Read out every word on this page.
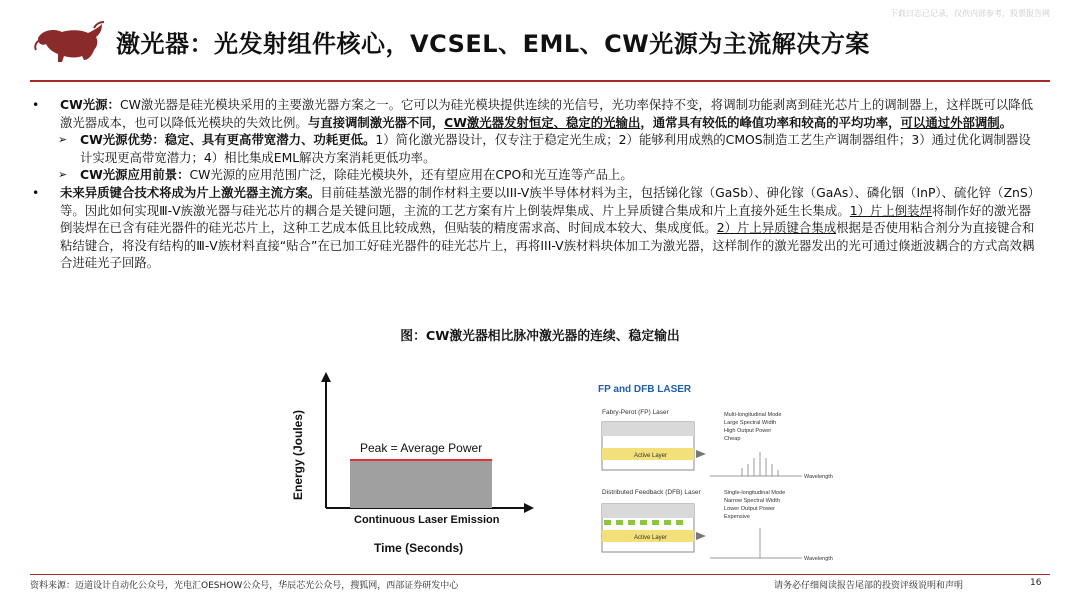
激光器：光发射组件核心，VCSEL、EML、CW光源为主流解决方案
下载日志已记录，仅供内部参考，股票报告网
•	CW光源：CW激光器是硅光模块采用的主要激光器方案之一。它可以为硅光模块提供连续的光信号，光功率保持不变，将调制功能剥离到硅光芯片上的调制器上，这样既可以降低激光器成本，也可以降低光模块的失效比例。与直接调制激光器不同，CW激光器发射恒定、稳定的光输出，通常具有较低的峰值功率和较高的平均功率，可以通过外部调制。
➢	CW光源优势：稳定、具有更高带宽潜力、功耗更低。1）简化激光器设计，仅专注于稳定光生成；2）能够利用成熟的CMOS制造工艺生产调制器组件；3）通过优化调制器设计实现更高带宽潜力；4）相比集成EML解决方案消耗更低功率。
➢	CW光源应用前景：CW光源的应用范围广泛，除硅光模块外，还有望应用在CPO和光互连等产品上。
•	未来异质键合技术将成为片上激光器主流方案。目前硅基激光器的制作材料主要以III-V族半导体材料为主，包括锑化镓（GaSb）、砷化镓（GaAs）、磷化铟（InP）、硫化锌（ZnS）等。因此如何实现Ⅲ-Ⅴ族激光器与硅光芯片的耦合是关键问题，主流的工艺方案有片上倒装焊集成、片上异质键合集成和片上直接外延生长集成。1）片上倒装焊将制作好的激光器倒装焊在已含有硅光器件的硅光芯片上，这种工艺成本低且比较成熟，但贴装的精度需求高、时间成本较大、集成度低。2）片上异质键合集成根据是否使用粘合剂分为直接键合和粘结键合，将没有结构的Ⅲ-Ⅴ族材料直接“贴合”在已加工好硅光器件的硅光芯片上，再将III-V族材料块体加工为激光器，这样制作的激光器发出的光可通过倏逝波耦合的方式高效耦合进硅光子回路。
图：CW激光器相比脉冲激光器的连续、稳定输出
Energy (Joules)	Peak = Average Power
Continuous Laser Emission
Time (Seconds)
FP and DFB LASER
Fabry-Perot (FP) Laser
Active Layer
Multi-longitudinal Mode
Large Spectral Width
High Output Power
Cheap
Wavelength
Distributed Feedback (DFB) Laser
Active Layer
Single-longitudinal Mode
Narrow Spectral Width
Lower Output Power
Expensive
Wavelength
资料来源：迈道设计自动化公众号，光电汇OESHOW公众号，华辰芯光公众号，搜狐网，西部证券研发中心	请务必仔细阅读报告尾部的投资评级说明和声明	16
